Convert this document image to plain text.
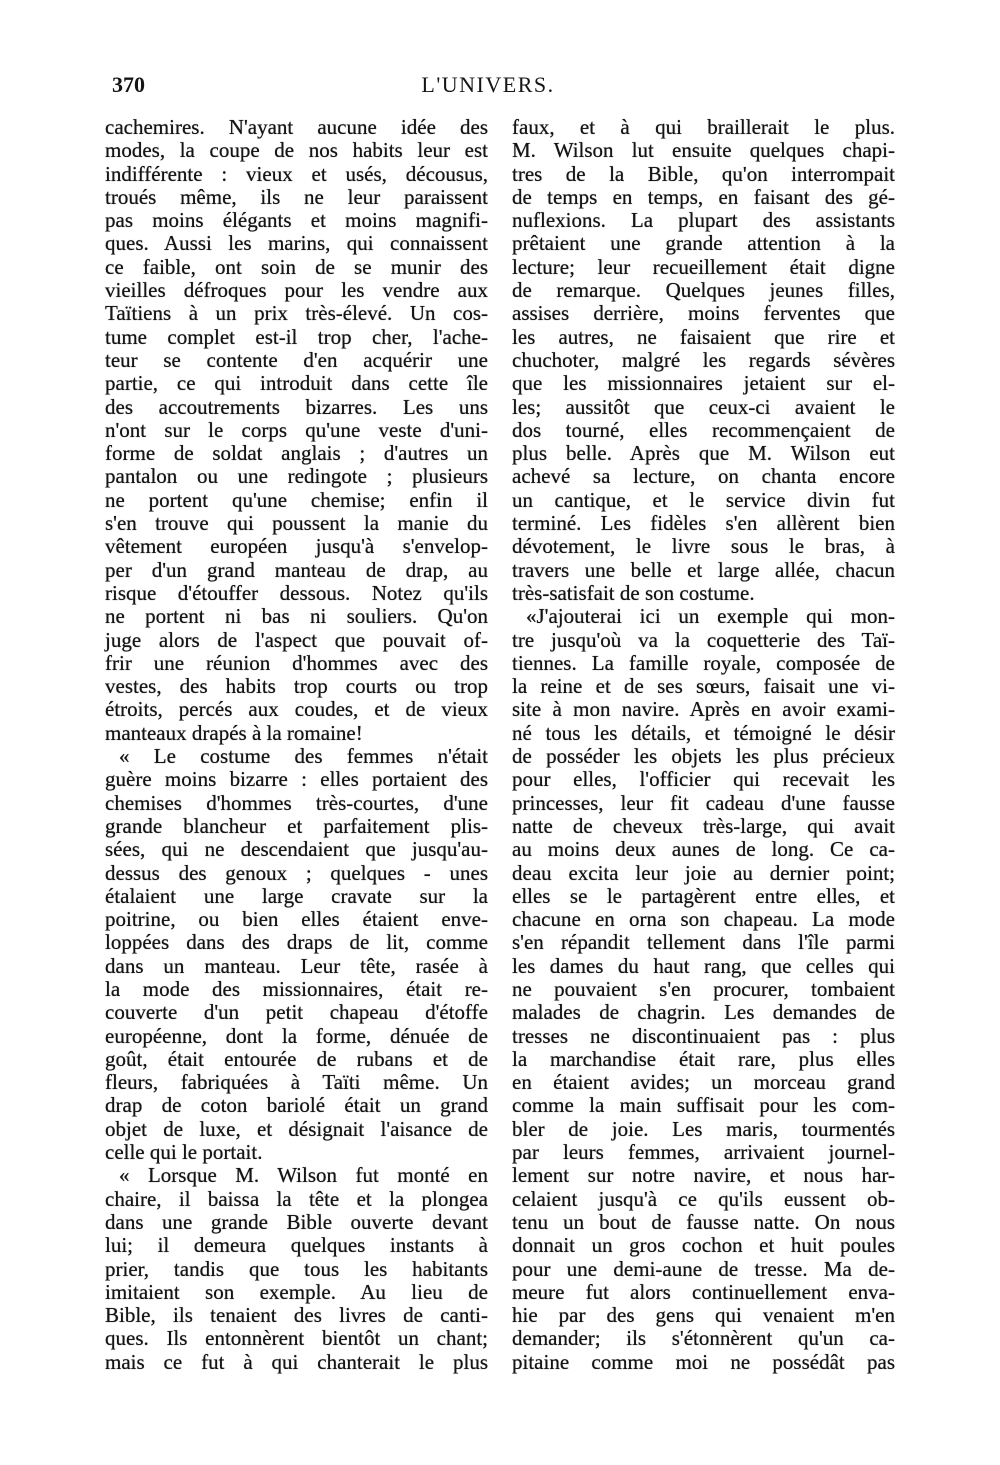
370	L'UNIVERS.
cachemires. N'ayant aucune idée des
modes, la coupe de nos habits leur est
indifférente : vieux et usés, décousus,
troués même, ils ne leur paraissent
pas moins élégants et moins magnifi-
ques. Aussi les marins, qui connaissent
ce faible, ont soin de se munir des
vieilles défroques pour les vendre aux
Taïtiens à un prix très-élevé. Un cos-
tume complet est-il trop cher, l'ache-
teur se contente d'en acquérir une
partie, ce qui introduit dans cette île
des accoutrements bizarres. Les uns
n'ont sur le corps qu'une veste d'uni-
forme de soldat anglais ; d'autres un
pantalon ou une redingote ; plusieurs
ne portent qu'une chemise; enfin il
s'en trouve qui poussent la manie du
vêtement européen jusqu'à s'envelop-
per d'un grand manteau de drap, au
risque d'étouffer dessous. Notez qu'ils
ne portent ni bas ni souliers. Qu'on
juge alors de l'aspect que pouvait of-
frir une réunion d'hommes avec des
vestes, des habits trop courts ou trop
étroits, percés aux coudes, et de vieux
manteaux drapés à la romaine!
« Le costume des femmes n'était
guère moins bizarre : elles portaient des
chemises d'hommes très-courtes, d'une
grande blancheur et parfaitement plis-
sées, qui ne descendaient que jusqu'au-
dessus des genoux ; quelques - unes
étalaient une large cravate sur la
poitrine, ou bien elles étaient enve-
loppées dans des draps de lit, comme
dans un manteau. Leur tête, rasée à
la mode des missionnaires, était re-
couverte d'un petit chapeau d'étoffe
européenne, dont la forme, dénuée de
goût, était entourée de rubans et de
fleurs, fabriquées à Taïti même. Un
drap de coton bariolé était un grand
objet de luxe, et désignait l'aisance de
celle qui le portait.
« Lorsque M. Wilson fut monté en
chaire, il baissa la tête et la plongea
dans une grande Bible ouverte devant
lui; il demeura quelques instants à
prier, tandis que tous les habitants
imitaient son exemple. Au lieu de
Bible, ils tenaient des livres de canti-
ques. Ils entonnèrent bientôt un chant;
mais ce fut à qui chanterait le plus
faux, et à qui braillerait le plus.
M. Wilson lut ensuite quelques chapi-
tres de la Bible, qu'on interrompait
de temps en temps, en faisant des gé-
nuflexions. La plupart des assistants
prêtaient une grande attention à la
lecture; leur recueillement était digne
de remarque. Quelques jeunes filles,
assises derrière, moins ferventes que
les autres, ne faisaient que rire et
chuchoter, malgré les regards sévères
que les missionnaires jetaient sur el-
les; aussitôt que ceux-ci avaient le
dos tourné, elles recommençaient de
plus belle. Après que M. Wilson eut
achevé sa lecture, on chanta encore
un cantique, et le service divin fut
terminé. Les fidèles s'en allèrent bien
dévotement, le livre sous le bras, à
travers une belle et large allée, chacun
très-satisfait de son costume.
«J'ajouterai ici un exemple qui mon-
tre jusqu'où va la coquetterie des Taï-
tiennes. La famille royale, composée de
la reine et de ses sœurs, faisait une vi-
site à mon navire. Après en avoir exami-
né tous les détails, et témoigné le désir
de posséder les objets les plus précieux
pour elles, l'officier qui recevait les
princesses, leur fit cadeau d'une fausse
natte de cheveux très-large, qui avait
au moins deux aunes de long. Ce ca-
deau excita leur joie au dernier point;
elles se le partagèrent entre elles, et
chacune en orna son chapeau. La mode
s'en répandit tellement dans l'île parmi
les dames du haut rang, que celles qui
ne pouvaient s'en procurer, tombaient
malades de chagrin. Les demandes de
tresses ne discontinuaient pas : plus
la marchandise était rare, plus elles
en étaient avides; un morceau grand
comme la main suffisait pour les com-
bler de joie. Les maris, tourmentés
par leurs femmes, arrivaient journel-
lement sur notre navire, et nous har-
celaient jusqu'à ce qu'ils eussent ob-
tenu un bout de fausse natte. On nous
donnait un gros cochon et huit poules
pour une demi-aune de tresse. Ma de-
meure fut alors continuellement enva-
hie par des gens qui venaient m'en
demander; ils s'étonnèrent qu'un ca-
pitaine comme moi ne possédât pas
